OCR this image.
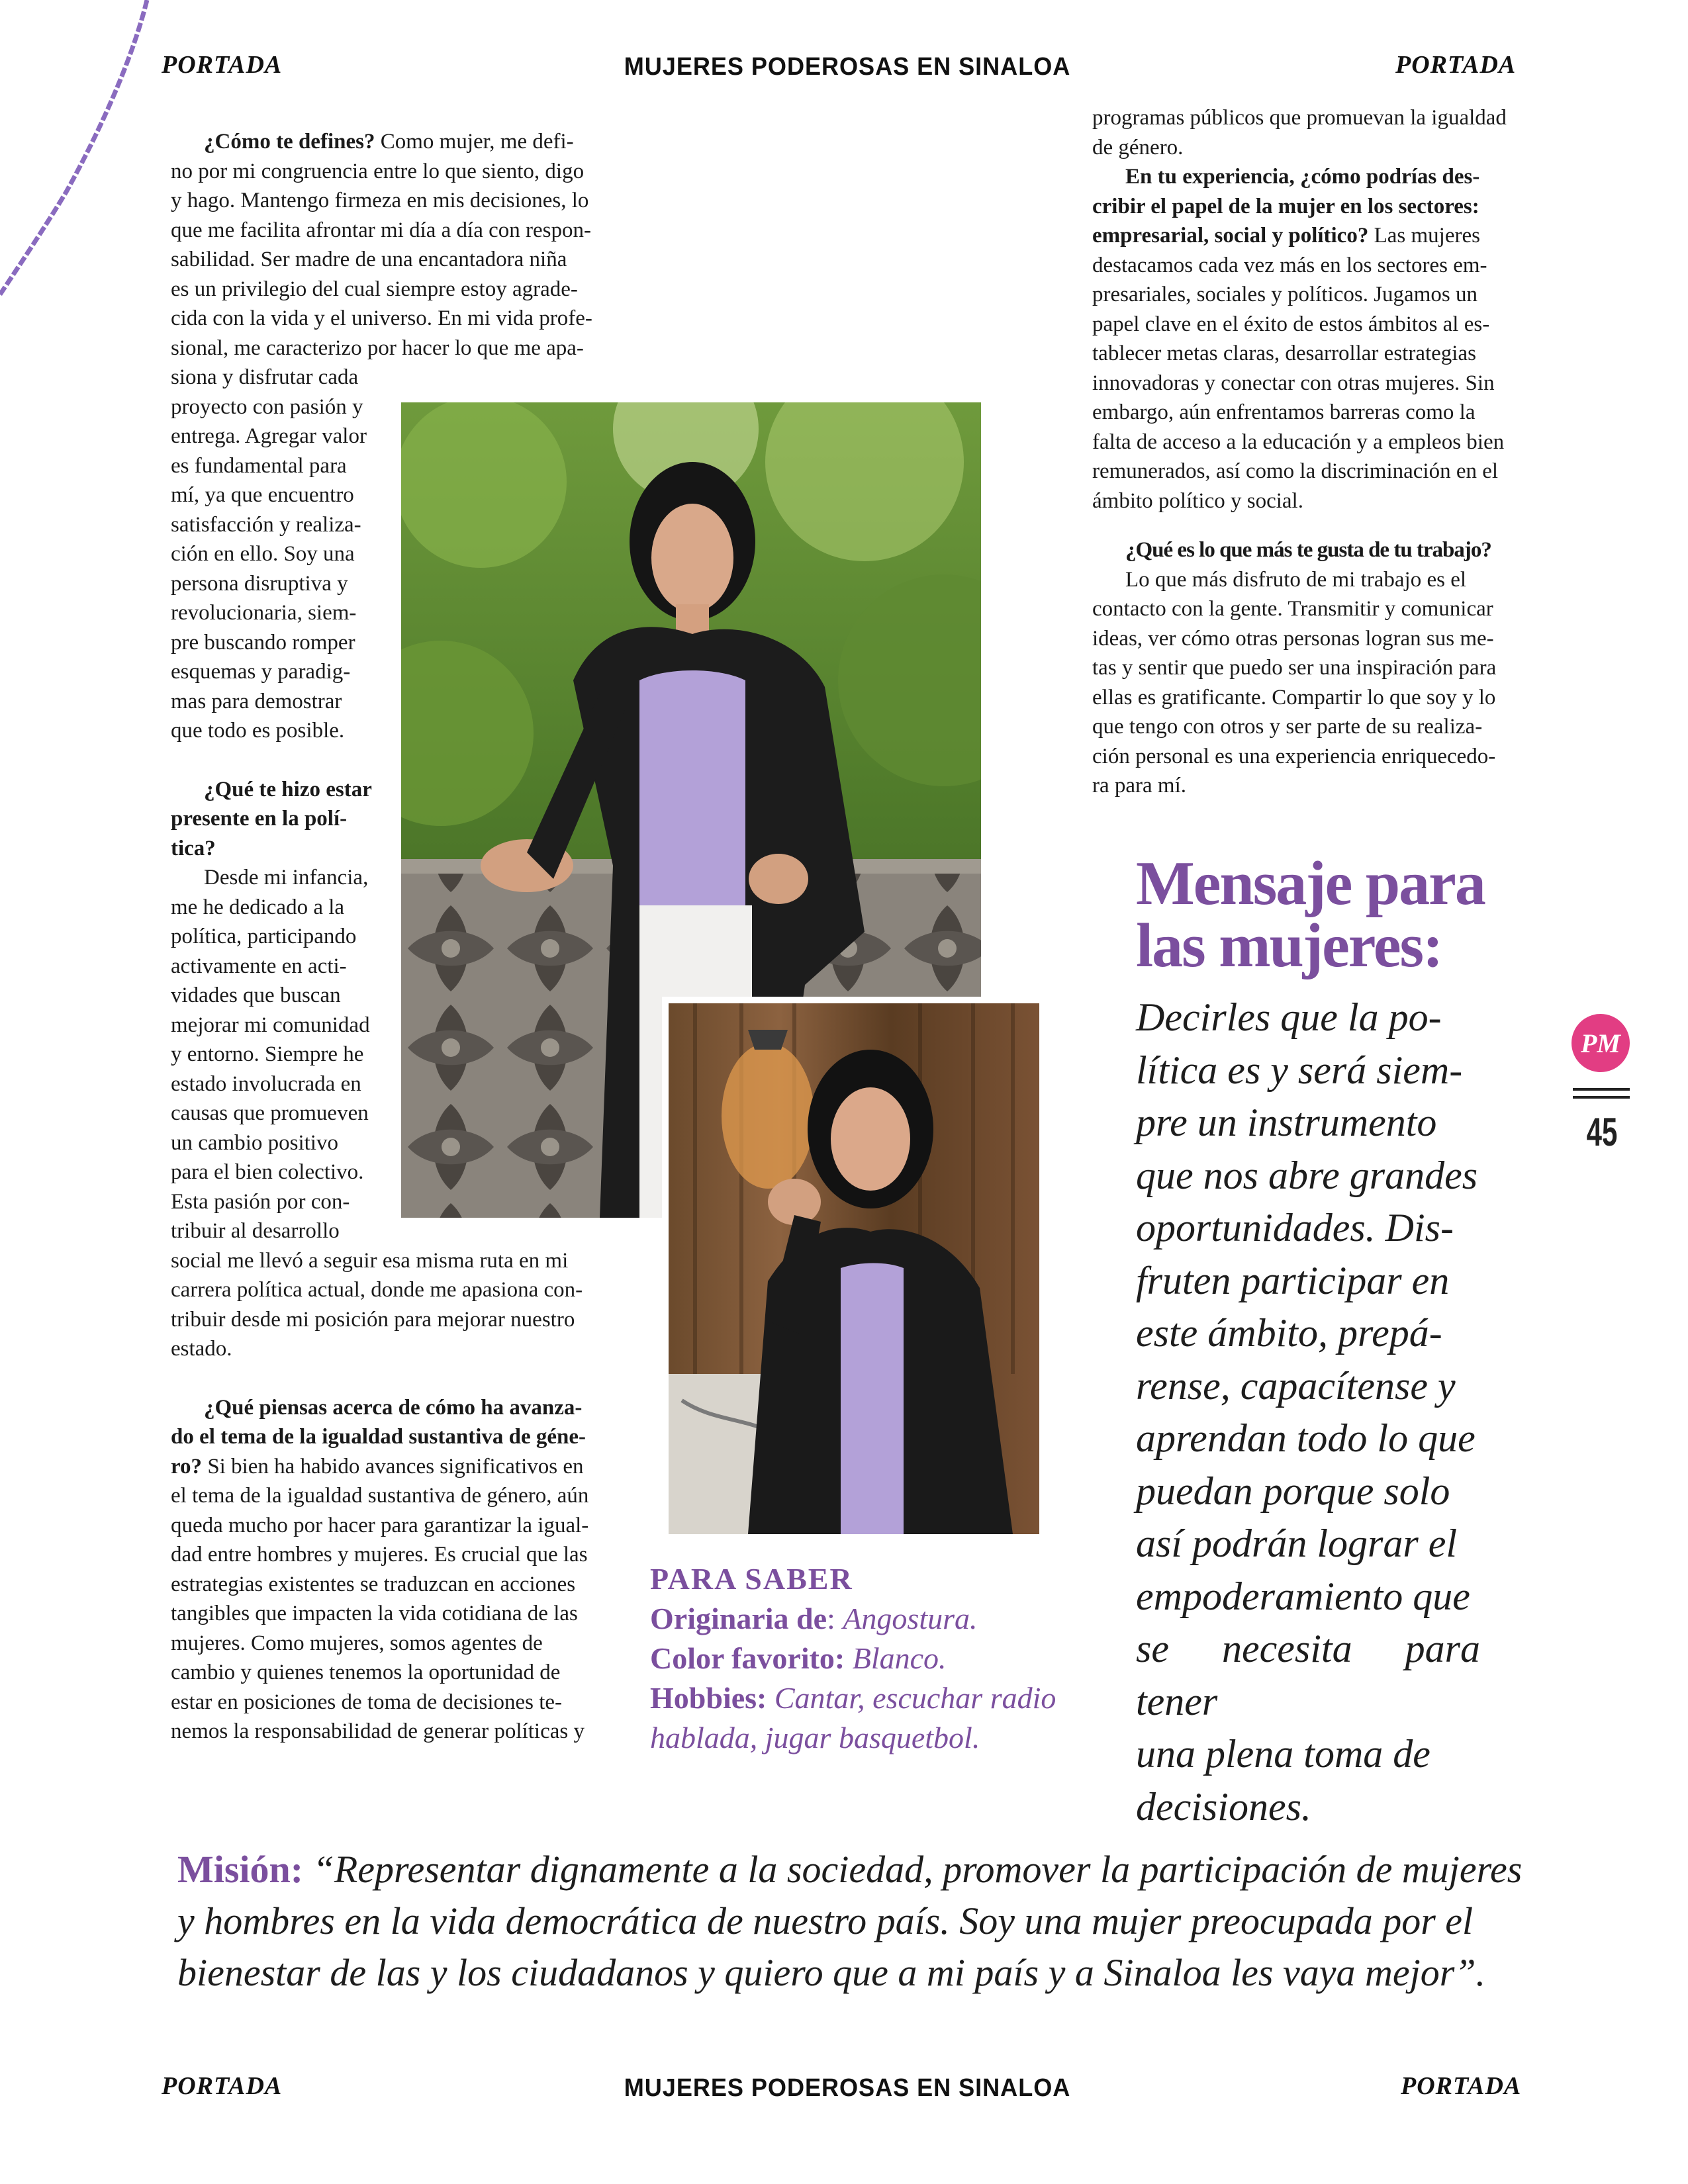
PORTADA	MUJERES PODEROSAS EN SINALOA	PORTADA
¿Cómo te defines? Como mujer, me defi-
no por mi congruencia entre lo que siento, digo
y hago. Mantengo firmeza en mis decisiones, lo
que me facilita afrontar mi día a día con respon-
sabilidad. Ser madre de una encantadora niña
es un privilegio del cual siempre estoy agrade-
cida con la vida y el universo. En mi vida profe-
sional, me caracterizo por hacer lo que me apa-
siona y disfrutar cada
proyecto con pasión y
entrega. Agregar valor
es fundamental para
mí, ya que encuentro
satisfacción y realiza-
ción en ello. Soy una
persona disruptiva y
revolucionaria, siem-
pre buscando romper
esquemas y paradig-
mas para demostrar
que todo es posible.
¿Qué te hizo estar
presente en la polí-
tica?
Desde mi infancia,
me he dedicado a la
política, participando
activamente en acti-
vidades que buscan
mejorar mi comunidad
y entorno. Siempre he
estado involucrada en
causas que promueven
un cambio positivo
para el bien colectivo.
Esta pasión por con-
tribuir al desarrollo
social me llevó a seguir esa misma ruta en mi
carrera política actual, donde me apasiona con-
tribuir desde mi posición para mejorar nuestro
estado.
¿Qué piensas acerca de cómo ha avanza-
do el tema de la igualdad sustantiva de géne-
ro? Si bien ha habido avances significativos en
el tema de la igualdad sustantiva de género, aún
queda mucho por hacer para garantizar la igual-
dad entre hombres y mujeres. Es crucial que las
estrategias existentes se traduzcan en acciones
tangibles que impacten la vida cotidiana de las
mujeres. Como mujeres, somos agentes de
cambio y quienes tenemos la oportunidad de
estar en posiciones de toma de decisiones te-
nemos la responsabilidad de generar políticas y
programas públicos que promuevan la igualdad
de género.
En tu experiencia, ¿cómo podrías des-
cribir el papel de la mujer en los sectores:
empresarial, social y político? Las mujeres
destacamos cada vez más en los sectores em-
presariales, sociales y políticos. Jugamos un
papel clave en el éxito de estos ámbitos al es-
tablecer metas claras, desarrollar estrategias
innovadoras y conectar con otras mujeres. Sin
embargo, aún enfrentamos barreras como la
falta de acceso a la educación y a empleos bien
remunerados, así como la discriminación en el
ámbito político y social.
¿Qué es lo que más te gusta de tu trabajo?
Lo que más disfruto de mi trabajo es el
contacto con la gente. Transmitir y comunicar
ideas, ver cómo otras personas logran sus me-
tas y sentir que puedo ser una inspiración para
ellas es gratificante. Compartir lo que soy y lo
que tengo con otros y ser parte de su realiza-
ción personal es una experiencia enriquecedo-
ra para mí.
Mensaje para
las mujeres:
Decirles que la po-
lítica es y será siem-
pre un instrumento
que nos abre grandes
oportunidades. Dis-
fruten participar en
este ámbito, prepá-
rense, capacítense y
aprendan todo lo que
puedan porque solo
así podrán lograr el
empoderamiento que
se necesita para tener
una plena toma de
decisiones.
PARA SABER
Originaria de: Angostura.
Color favorito: Blanco.
Hobbies: Cantar, escuchar radio
hablada, jugar basquetbol.
PM
45
Misión: “Representar dignamente a la sociedad, promover la participación de mujeres
y hombres en la vida democrática de nuestro país. Soy una mujer preocupada por el
bienestar de las y los ciudadanos y quiero que a mi país y a Sinaloa les vaya mejor”.
PORTADA	MUJERES PODEROSAS EN SINALOA	PORTADA
